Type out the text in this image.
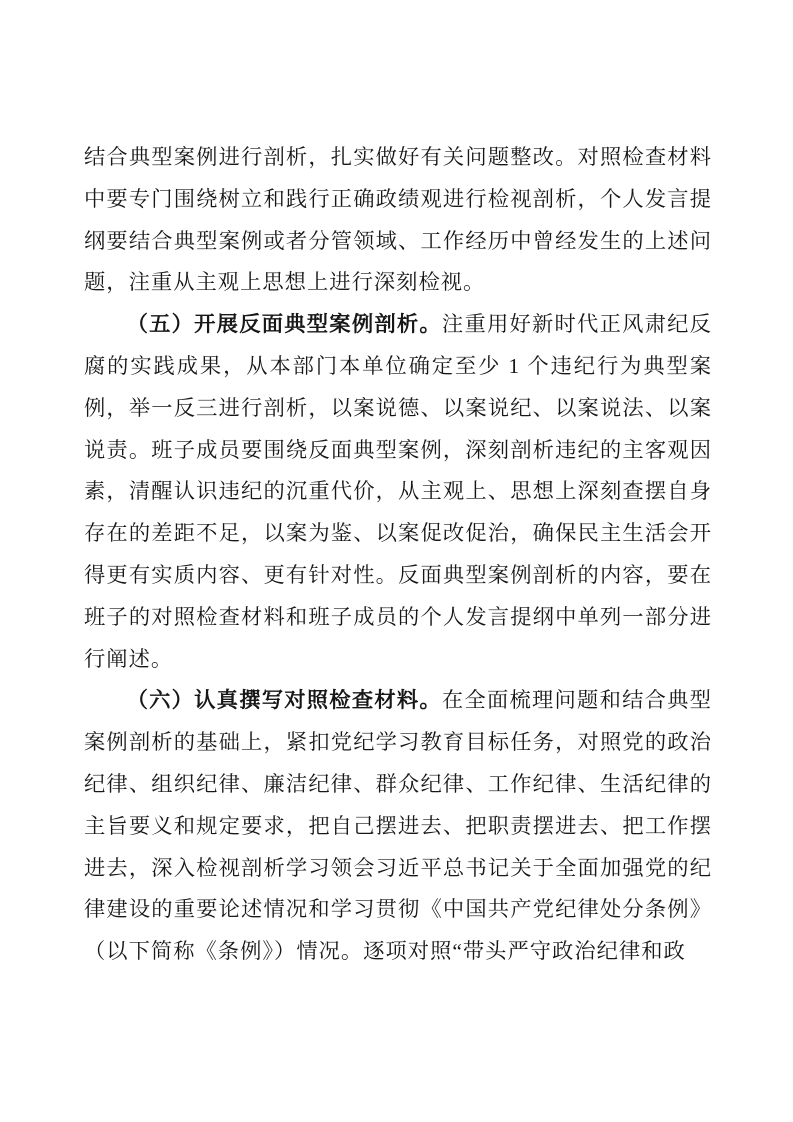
结合典型案例进行剖析，扎实做好有关问题整改。对照检查材料中要专门围绕树立和践行正确政绩观进行检视剖析，个人发言提纲要结合典型案例或者分管领域、工作经历中曾经发生的上述问题，注重从主观上思想上进行深刻检视。

（五）开展反面典型案例剖析。注重用好新时代正风肃纪反腐的实践成果，从本部门本单位确定至少 1 个违纪行为典型案例，举一反三进行剖析，以案说德、以案说纪、以案说法、以案说责。班子成员要围绕反面典型案例，深刻剖析违纪的主客观因素，清醒认识违纪的沉重代价，从主观上、思想上深刻查摆自身存在的差距不足，以案为鉴、以案促改促治，确保民主生活会开得更有实质内容、更有针对性。反面典型案例剖析的内容，要在班子的对照检查材料和班子成员的个人发言提纲中单列一部分进行阐述。

（六）认真撰写对照检查材料。在全面梳理问题和结合典型案例剖析的基础上，紧扣党纪学习教育目标任务，对照党的政治纪律、组织纪律、廉洁纪律、群众纪律、工作纪律、生活纪律的主旨要义和规定要求，把自己摆进去、把职责摆进去、把工作摆进去，深入检视剖析学习领会习近平总书记关于全面加强党的纪律建设的重要论述情况和学习贯彻《中国共产党纪律处分条例》（以下简称《条例》）情况。逐项对照“带头严守政治纪律和政
